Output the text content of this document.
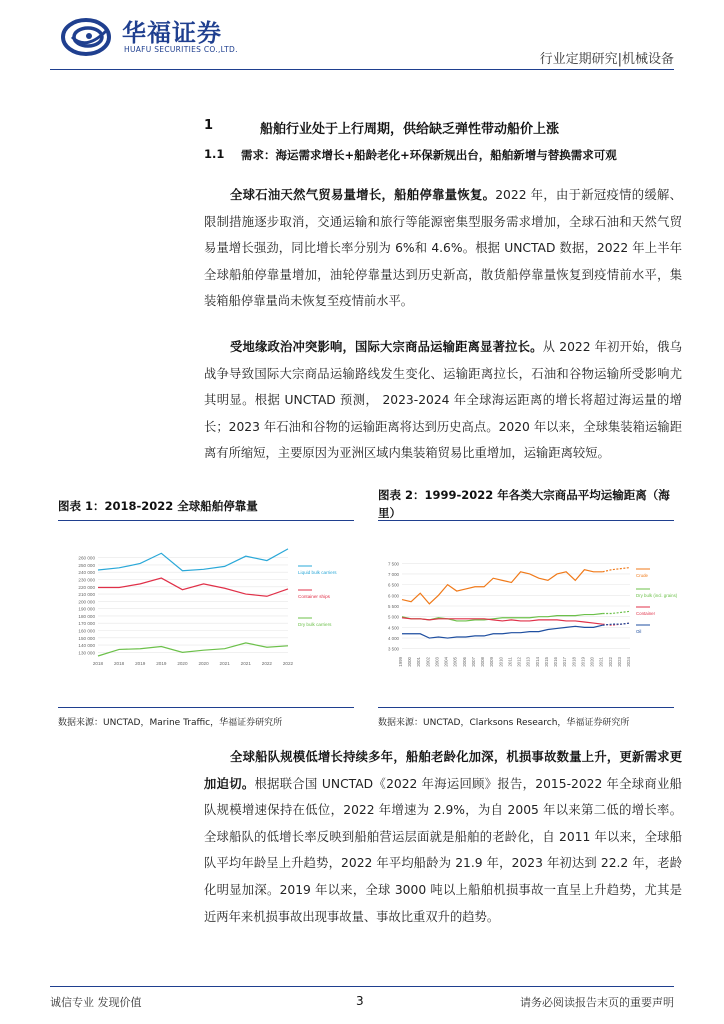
华福证券
HUAFU SECURITIES CO.,LTD.
行业定期研究|机械设备
1	船舶行业处于上行周期，供给缺乏弹性带动船价上涨
1.1 需求：海运需求增长+船龄老化+环保新规出台，船舶新增与替换需求可观
全球石油天然气贸易量增长，船舶停靠量恢复。2022 年，由于新冠疫情的缓解、限制措施逐步取消，交通运输和旅行等能源密集型服务需求增加，全球石油和天然气贸易量增长强劲，同比增长率分别为 6%和 4.6%。根据 UNCTAD 数据，2022 年上半年全球船舶停靠量增加，油轮停靠量达到历史新高，散货船停靠量恢复到疫情前水平，集装箱船停靠量尚未恢复至疫情前水平。
受地缘政治冲突影响，国际大宗商品运输距离显著拉长。从 2022 年初开始，俄乌战争导致国际大宗商品运输路线发生变化、运输距离拉长，石油和谷物运输所受影响尤其明显。根据 UNCTAD 预测， 2023-2024 年全球海运距离的增长将超过海运量的增长；2023 年石油和谷物的运输距离将达到历史高点。2020 年以来，全球集装箱运输距离有所缩短，主要原因为亚洲区域内集装箱贸易比重增加，运输距离较短。
图表 1：2018-2022 全球船舶停靠量
图表 2：1999-2022 年各类大宗商品平均运输距离（海里）
130 000
140 000
150 000
160 000
170 000
180 000
190 000
200 000
210 000
220 000
230 000
240 000
250 000
260 000
2018 2018 2019 2019 2020 2020 2021 2021 2022 2022
Liquid bulk carriers
Container ships
Dry bulk carriers
3 500
4 000
4 500
5 000
5 500
6 000
6 500
7 000
7 500
1999 2000 2001 2002 2003 2004 2005 2006 2007 2008 2009 2010 2011 2012 2013 2014 2015 2016 2017 2018 2019 2020 2021 2022 2023 2024
Crude
Dry bulk (incl. grains)
Container
Oil
数据来源：UNCTAD，Marine Traffic，华福证券研究所	数据来源：UNCTAD，Clarksons Research，华福证券研究所
全球船队规模低增长持续多年，船舶老龄化加深，机损事故数量上升，更新需求更加迫切。根据联合国 UNCTAD《2022 年海运回顾》报告，2015-2022 年全球商业船队规模增速保持在低位，2022 年增速为 2.9%，为自 2005 年以来第二低的增长率。全球船队的低增长率反映到船舶营运层面就是船舶的老龄化，自 2011 年以来，全球船队平均年龄呈上升趋势，2022 年平均船龄为 21.9 年，2023 年初达到 22.2 年，老龄化明显加深。2019 年以来，全球 3000 吨以上船舶机损事故一直呈上升趋势，尤其是近两年来机损事故出现事故量、事故比重双升的趋势。
诚信专业 发现价值	3	请务必阅读报告末页的重要声明
